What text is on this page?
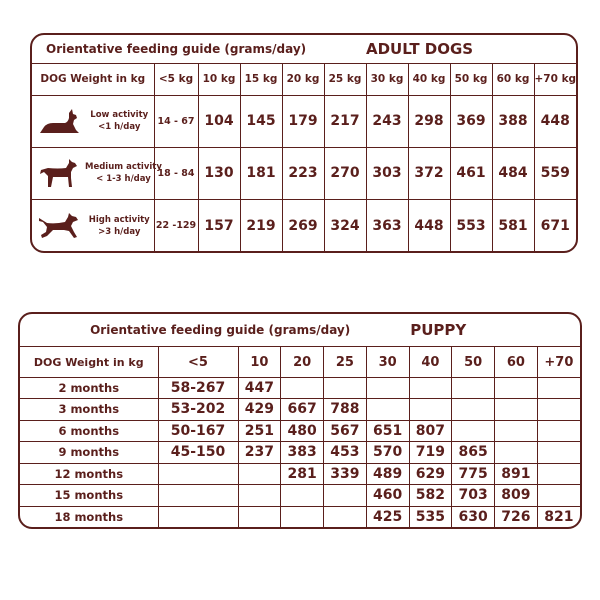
Orientative feeding guide (grams/day)						ADULT DOGS				
DOG Weight in kg	<5 kg	10 kg	15 kg	20 kg	25 kg	30 kg	40 kg	50 kg	60 kg	+70 kg

Low activity
<1 h/day	14 - 67	104	145	179	217	243	298	369	388	448

Medium activity
< 1-3 h/day	18 - 84	130	181	223	270	303	372	461	484	559

High activity
>3 h/day	22 -129	157	219	269	324	363	448	553	581	671
Orientative feeding guide (grams/day)					PUPPY				
DOG Weight in kg	<5	10	20	25	30	40	50	60	+70
2 months	58-267	447							
3 months	53-202	429	667	788					
6 months	50-167	251	480	567	651	807			
9 months	45-150	237	383	453	570	719	865		
12 months			281	339	489	629	775	891	
15 months					460	582	703	809	
18 months					425	535	630	726	821
